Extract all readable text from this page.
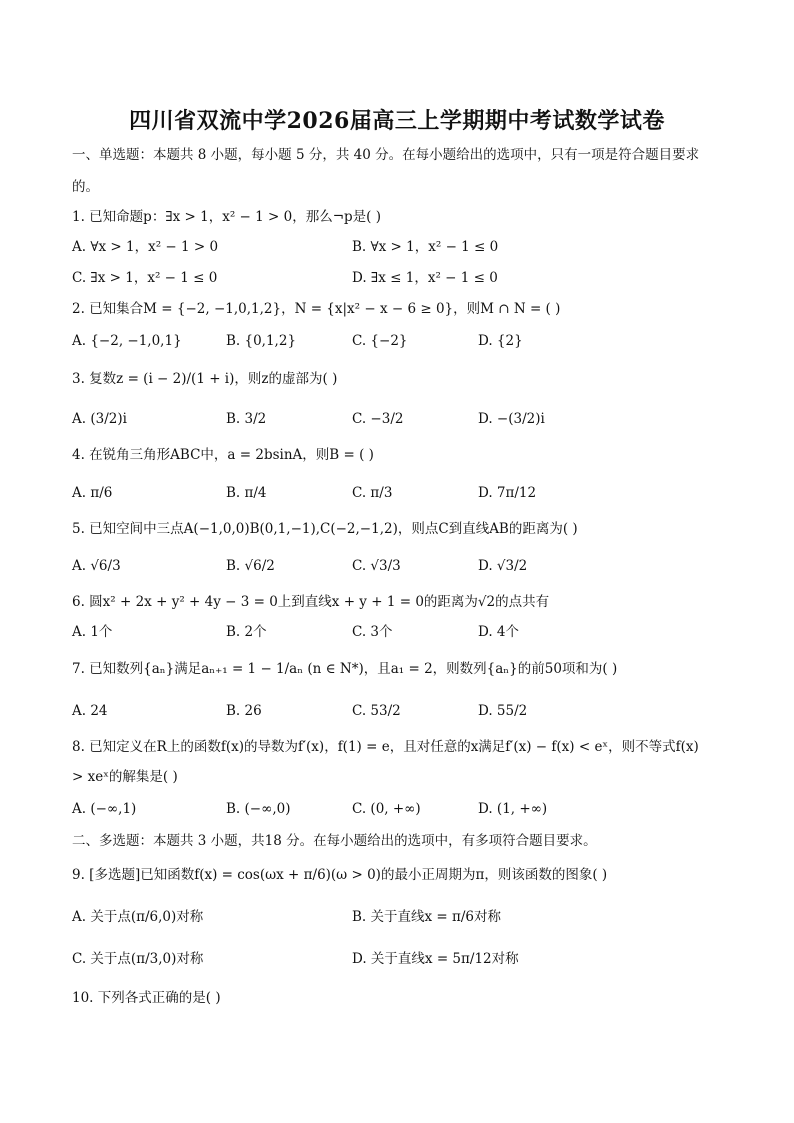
四川省双流中学2026届高三上学期期中考试数学试卷
一、单选题：本题共 8 小题，每小题 5 分，共 40 分。在每小题给出的选项中，只有一项是符合题目要求
的。
1. 已知命题p：∃x > 1，x² − 1 > 0，那么¬p是( )
A. ∀x > 1，x² − 1 > 0	B. ∀x > 1，x² − 1 ≤ 0
C. ∃x > 1，x² − 1 ≤ 0	D. ∃x ≤ 1，x² − 1 ≤ 0
2. 已知集合M = {−2, −1,0,1,2}，N = {x|x² − x − 6 ≥ 0}，则M ∩ N = ( )
A. {−2, −1,0,1}	B. {0,1,2}	C. {−2}	D. {2}
3. 复数z = (i − 2)/(1 + i)，则z的虚部为( )
A. (3/2)i	B. 3/2	C. −3/2	D. −(3/2)i
4. 在锐角三角形ABC中，a = 2bsinA，则B = ( )
A. π/6	B. π/4	C. π/3	D. 7π/12
5. 已知空间中三点A(−1,0,0)B(0,1,−1),C(−2,−1,2)，则点C到直线AB的距离为( )
A. √6/3	B. √6/2	C. √3/3	D. √3/2
6. 圆x² + 2x + y² + 4y − 3 = 0上到直线x + y + 1 = 0的距离为√2的点共有
A. 1个	B. 2个	C. 3个	D. 4个
7. 已知数列{aₙ}满足aₙ₊₁ = 1 − 1/aₙ (n ∈ N*)，且a₁ = 2，则数列{aₙ}的前50项和为( )
A. 24	B. 26	C. 53/2	D. 55/2
8. 已知定义在R上的函数f(x)的导数为f′(x)，f(1) = e，且对任意的x满足f′(x) − f(x) < eˣ，则不等式f(x)
> xeˣ的解集是( )
A. (−∞,1)	B. (−∞,0)	C. (0, +∞)	D. (1, +∞)
二、多选题：本题共 3 小题，共18 分。在每小题给出的选项中，有多项符合题目要求。
9. [多选题]已知函数f(x) = cos(ωx + π/6)(ω > 0)的最小正周期为π，则该函数的图象( )
A. 关于点(π/6,0)对称	B. 关于直线x = π/6对称
C. 关于点(π/3,0)对称	D. 关于直线x = 5π/12对称
10. 下列各式正确的是( )
